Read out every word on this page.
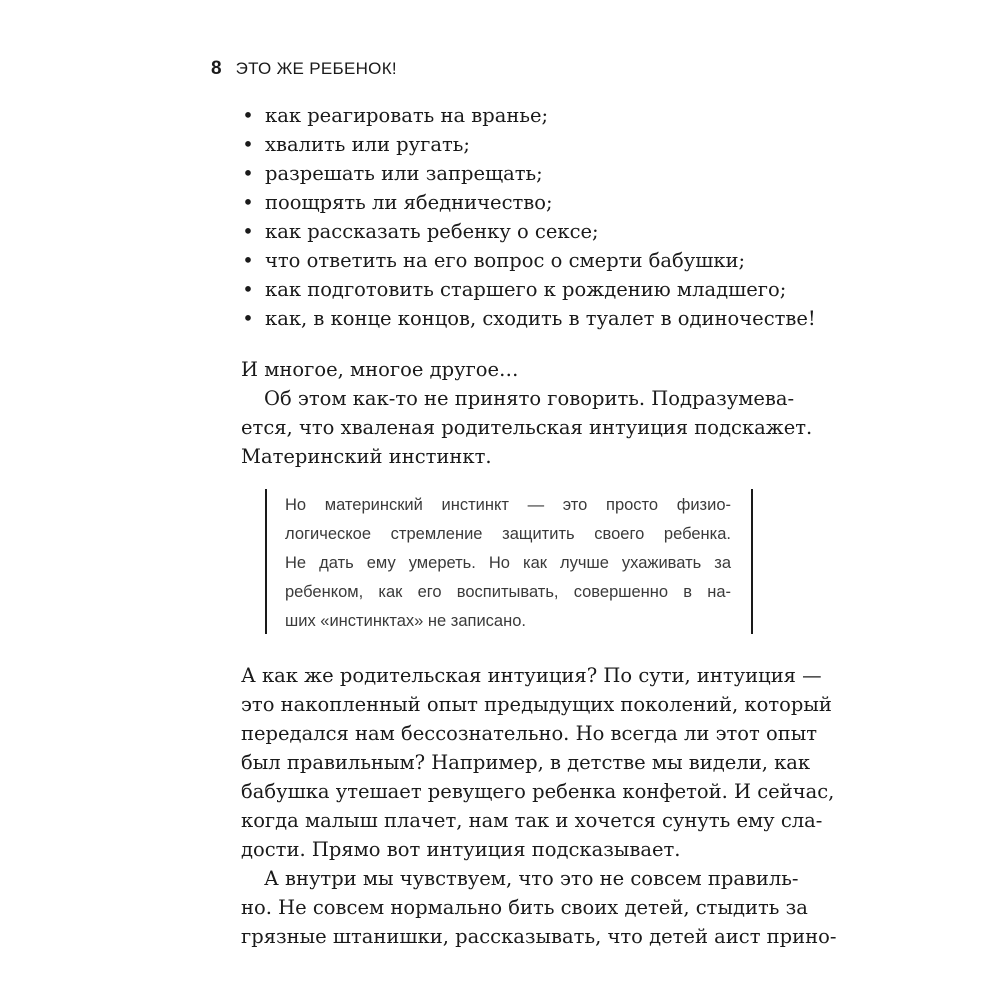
8 ЭТО ЖЕ РЕБЕНОК!
• как реагировать на вранье;
• хвалить или ругать;
• разрешать или запрещать;
• поощрять ли ябедничество;
• как рассказать ребенку о сексе;
• что ответить на его вопрос о смерти бабушки;
• как подготовить старшего к рождению младшего;
• как, в конце концов, сходить в туалет в одиночестве!
И многое, многое другое…
Об этом как-то не принято говорить. Подразумева-
ется, что хваленая родительская интуиция подскажет.
Материнский инстинкт.
Но материнский инстинкт — это просто физио-
логическое стремление защитить своего ребенка.
Не дать ему умереть. Но как лучше ухаживать за
ребенком, как его воспитывать, совершенно в на-
ших «инстинктах» не записано.
А как же родительская интуиция? По сути, интуиция —
это накопленный опыт предыдущих поколений, который
передался нам бессознательно. Но всегда ли этот опыт
был правильным? Например, в детстве мы видели, как
бабушка утешает ревущего ребенка конфетой. И сейчас,
когда малыш плачет, нам так и хочется сунуть ему сла-
дости. Прямо вот интуиция подсказывает.
А внутри мы чувствуем, что это не совсем правиль-
но. Не совсем нормально бить своих детей, стыдить за
грязные штанишки, рассказывать, что детей аист прино-
